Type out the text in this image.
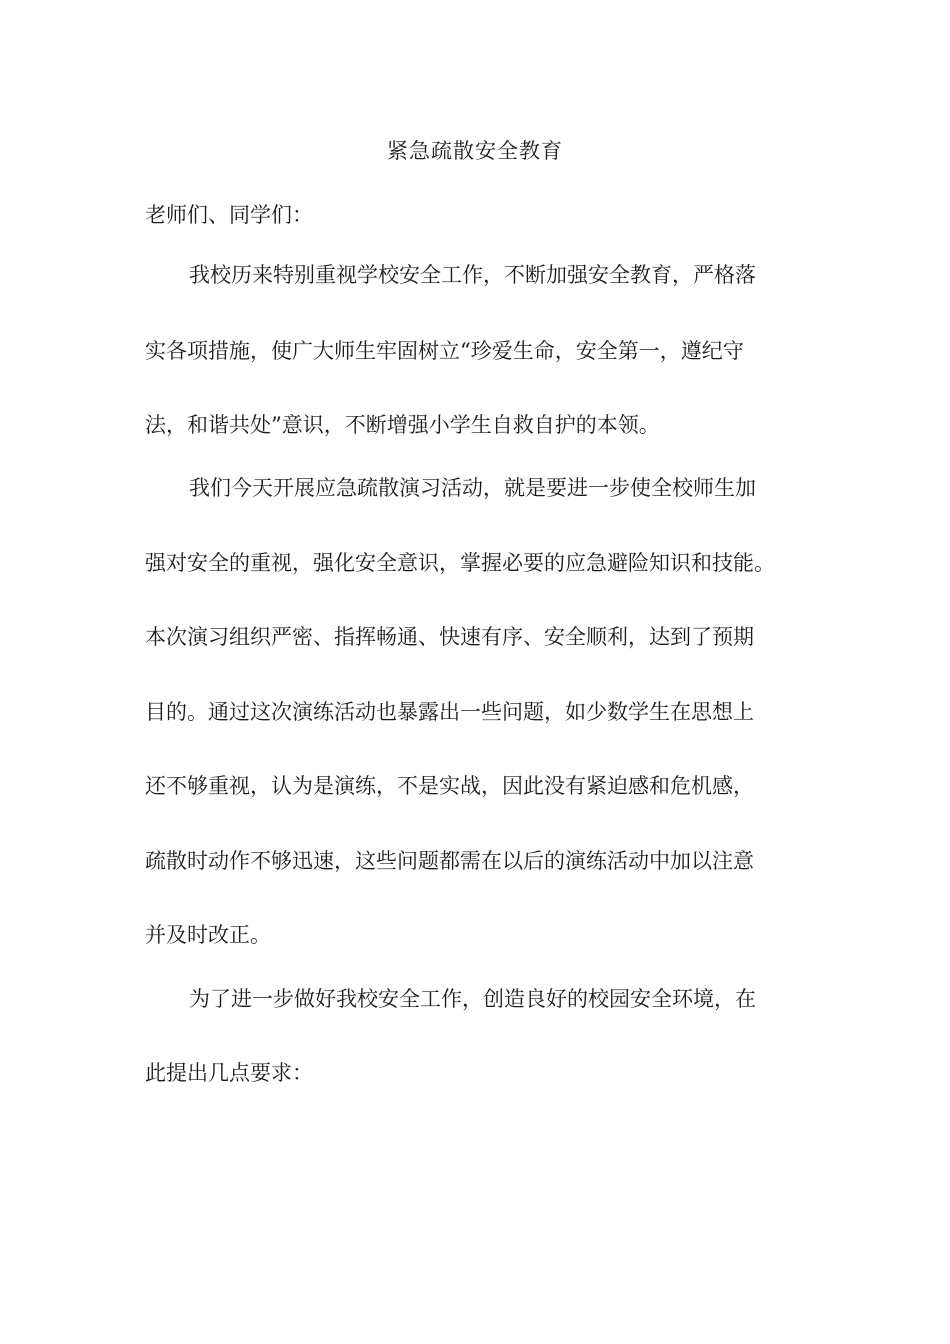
紧急疏散安全教育

老师们、同学们：

我校历来特别重视学校安全工作，不断加强安全教育，严格落

实各项措施，使广大师生牢固树立“珍爱生命，安全第一，遵纪守

法，和谐共处”意识，不断增强小学生自救自护的本领。

我们今天开展应急疏散演习活动，就是要进一步使全校师生加

强对安全的重视，强化安全意识，掌握必要的应急避险知识和技能。

本次演习组织严密、指挥畅通、快速有序、安全顺利，达到了预期

目的。通过这次演练活动也暴露出一些问题，如少数学生在思想上

还不够重视，认为是演练，不是实战，因此没有紧迫感和危机感，

疏散时动作不够迅速，这些问题都需在以后的演练活动中加以注意

并及时改正。

为了进一步做好我校安全工作，创造良好的校园安全环境，在

此提出几点要求：
